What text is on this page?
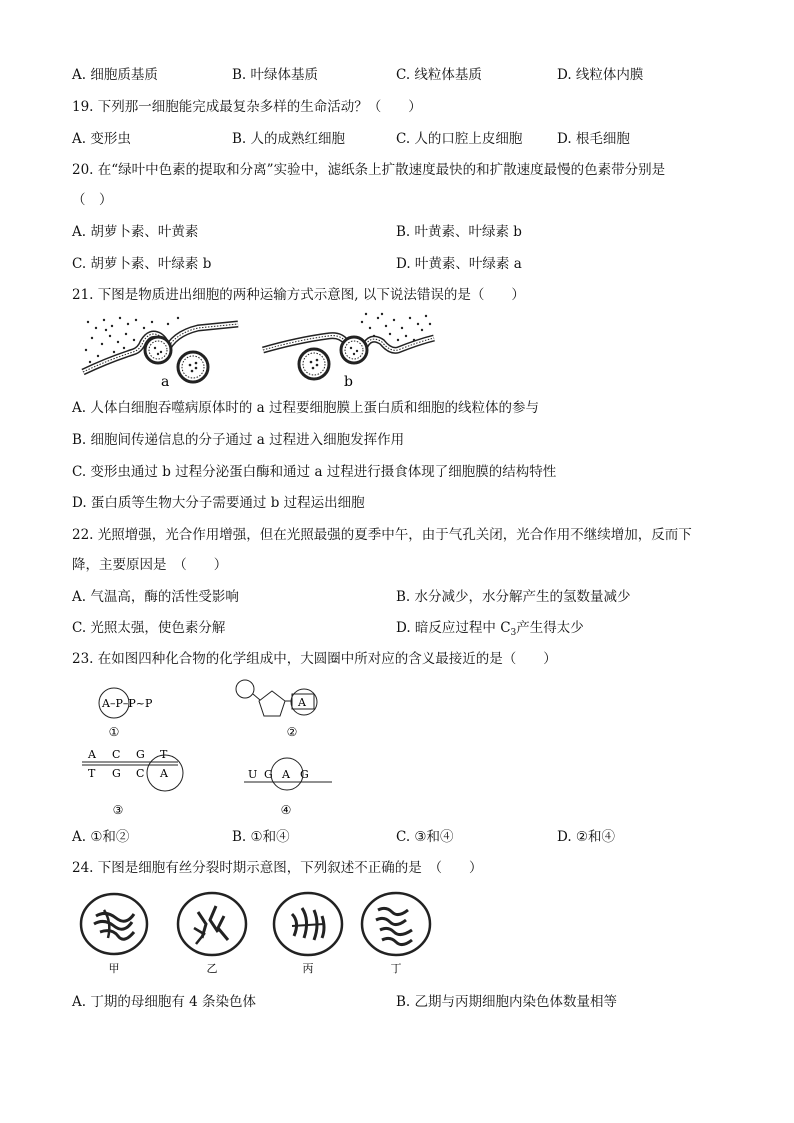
A. 细胞质基质	B. 叶绿体基质	C. 线粒体基质	D. 线粒体内膜
19. 下列那一细胞能完成最复杂多样的生命活动？（　　）
A. 变形虫	B. 人的成熟红细胞	C. 人的口腔上皮细胞	D. 根毛细胞
20. 在“绿叶中色素的提取和分离”实验中，滤纸条上扩散速度最快的和扩散速度最慢的色素带分别是
（　）
A. 胡萝卜素、叶黄素	B. 叶黄素、叶绿素 b
C. 胡萝卜素、叶绿素 b	D. 叶黄素、叶绿素 a
21. 下图是物质进出细胞的两种运输方式示意图, 以下说法错误的是（　　）
a	b
A. 人体白细胞吞噬病原体时的 a 过程要细胞膜上蛋白质和细胞的线粒体的参与
B. 细胞间传递信息的分子通过 a 过程进入细胞发挥作用
C. 变形虫通过 b 过程分泌蛋白酶和通过 a 过程进行摄食体现了细胞膜的结构特性
D. 蛋白质等生物大分子需要通过 b 过程运出细胞
22. 光照增强，光合作用增强，但在光照最强的夏季中午，由于气孔关闭，光合作用不继续增加，反而下
降，主要原因是　（　　）
A. 气温高，酶的活性受影响	B. 水分减少，水分解产生的氢数量减少
C. 光照太强，使色素分解	D. 暗反应过程中 $C_3$产生得太少
23. 在如图四种化合物的化学组成中，大圆圈中所对应的含义最接近的是（　　）
A–P–P~P
①
A
②
A C G T
T G C A
③
U G A G
④
A. ①和②	B. ①和④	C. ③和④	D. ②和④
24. 下图是细胞有丝分裂时期示意图，下列叙述不正确的是　（　　）
甲	乙	丙	丁
A. 丁期的母细胞有 4 条染色体	B. 乙期与丙期细胞内染色体数量相等
